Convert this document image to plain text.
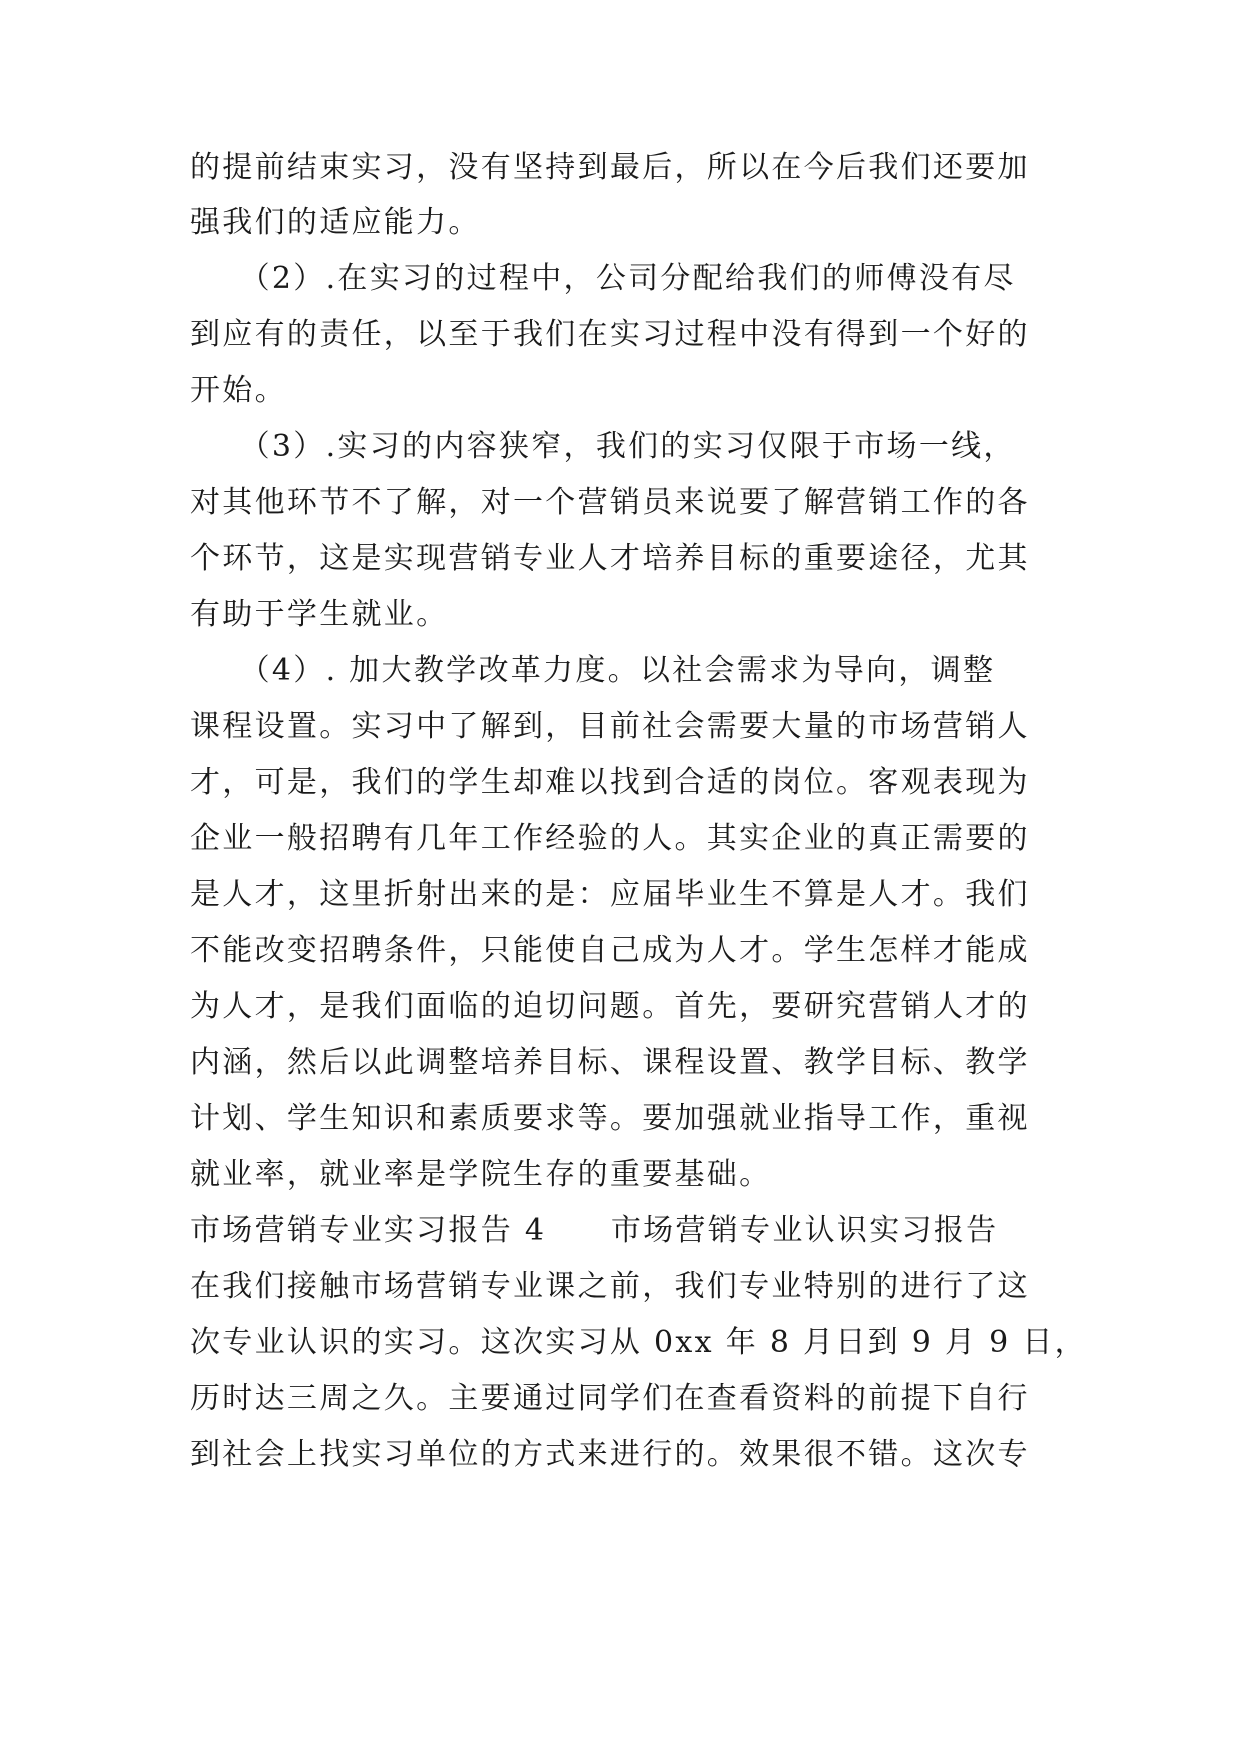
的提前结束实习，没有坚持到最后，所以在今后我们还要加
强我们的适应能力。
　　（2）.在实习的过程中，公司分配给我们的师傅没有尽
到应有的责任，以至于我们在实习过程中没有得到一个好的
开始。
　　（3）.实习的内容狭窄，我们的实习仅限于市场一线，
对其他环节不了解，对一个营销员来说要了解营销工作的各
个环节，这是实现营销专业人才培养目标的重要途径，尤其
有助于学生就业。
　　（4）. 加大教学改革力度。以社会需求为导向，调整
课程设置。实习中了解到，目前社会需要大量的市场营销人
才，可是，我们的学生却难以找到合适的岗位。客观表现为
企业一般招聘有几年工作经验的人。其实企业的真正需要的
是人才，这里折射出来的是：应届毕业生不算是人才。我们
不能改变招聘条件，只能使自己成为人才。学生怎样才能成
为人才，是我们面临的迫切问题。首先，要研究营销人才的
内涵，然后以此调整培养目标、课程设置、教学目标、教学
计划、学生知识和素质要求等。要加强就业指导工作，重视
就业率，就业率是学院生存的重要基础。
市场营销专业实习报告 4　　市场营销专业认识实习报告
在我们接触市场营销专业课之前，我们专业特别的进行了这
次专业认识的实习。这次实习从 0xx 年 8 月日到 9 月 9 日，
历时达三周之久。主要通过同学们在查看资料的前提下自行
到社会上找实习单位的方式来进行的。效果很不错。这次专
